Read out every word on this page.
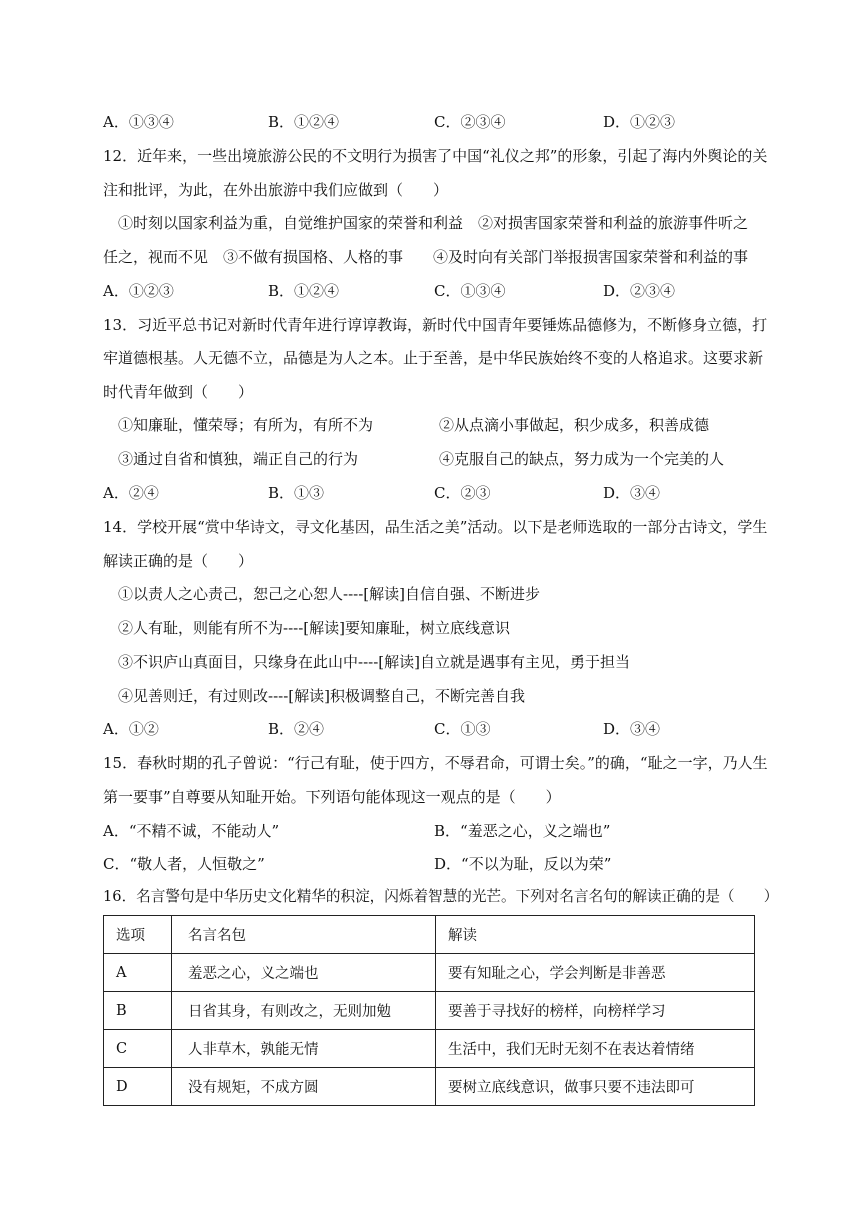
A．①③④	B．①②④	C．②③④	D．①②③
12．近年来，一些出境旅游公民的不文明行为损害了中国“礼仪之邦”的形象，引起了海内外舆论的关
注和批评，为此，在外出旅游中我们应做到（　　）
①时刻以国家利益为重，自觉维护国家的荣誉和利益　②对损害国家荣誉和利益的旅游事件听之
任之，视而不见　③不做有损国格、人格的事　　④及时向有关部门举报损害国家荣誉和利益的事
A．①②③	B．①②④	C．①③④	D．②③④
13．习近平总书记对新时代青年进行谆谆教诲，新时代中国青年要锤炼品德修为，不断修身立德，打
牢道德根基。人无德不立，品德是为人之本。止于至善，是中华民族始终不变的人格追求。这要求新
时代青年做到（　　）
①知廉耻，懂荣辱；有所为，有所不为	②从点滴小事做起，积少成多，积善成德
③通过自省和慎独，端正自己的行为	④克服自己的缺点，努力成为一个完美的人
A．②④	B．①③	C．②③	D．③④
14．学校开展“赏中华诗文，寻文化基因，品生活之美”活动。以下是老师选取的一部分古诗文，学生
解读正确的是（　　）
①以责人之心责己，恕己之心恕人----[解读]自信自强、不断进步
②人有耻，则能有所不为----[解读]要知廉耻，树立底线意识
③不识庐山真面目，只缘身在此山中----[解读]自立就是遇事有主见，勇于担当
④见善则迁，有过则改----[解读]积极调整自己，不断完善自我
A．①②	B．②④	C．①③	D．③④
15．春秋时期的孔子曾说：“行己有耻，使于四方，不辱君命，可谓士矣。”的确，“耻之一字，乃人生
第一要事”自尊要从知耻开始。下列语句能体现这一观点的是（　　）
A．“不精不诚，不能动人”	B．“羞恶之心，义之端也”
C．“敬人者，人恒敬之”	D．“不以为耻，反以为荣”
16．名言警句是中华历史文化精华的积淀，闪烁着智慧的光芒。下列对名言名句的解读正确的是（　　）
选项	名言名包	解读
A	羞恶之心，义之端也	要有知耻之心，学会判断是非善恶
B	日省其身，有则改之，无则加勉	要善于寻找好的榜样，向榜样学习
C	人非草木，孰能无情	生活中，我们无时无刻不在表达着情绪
D	没有规矩，不成方圆	要树立底线意识，做事只要不违法即可
